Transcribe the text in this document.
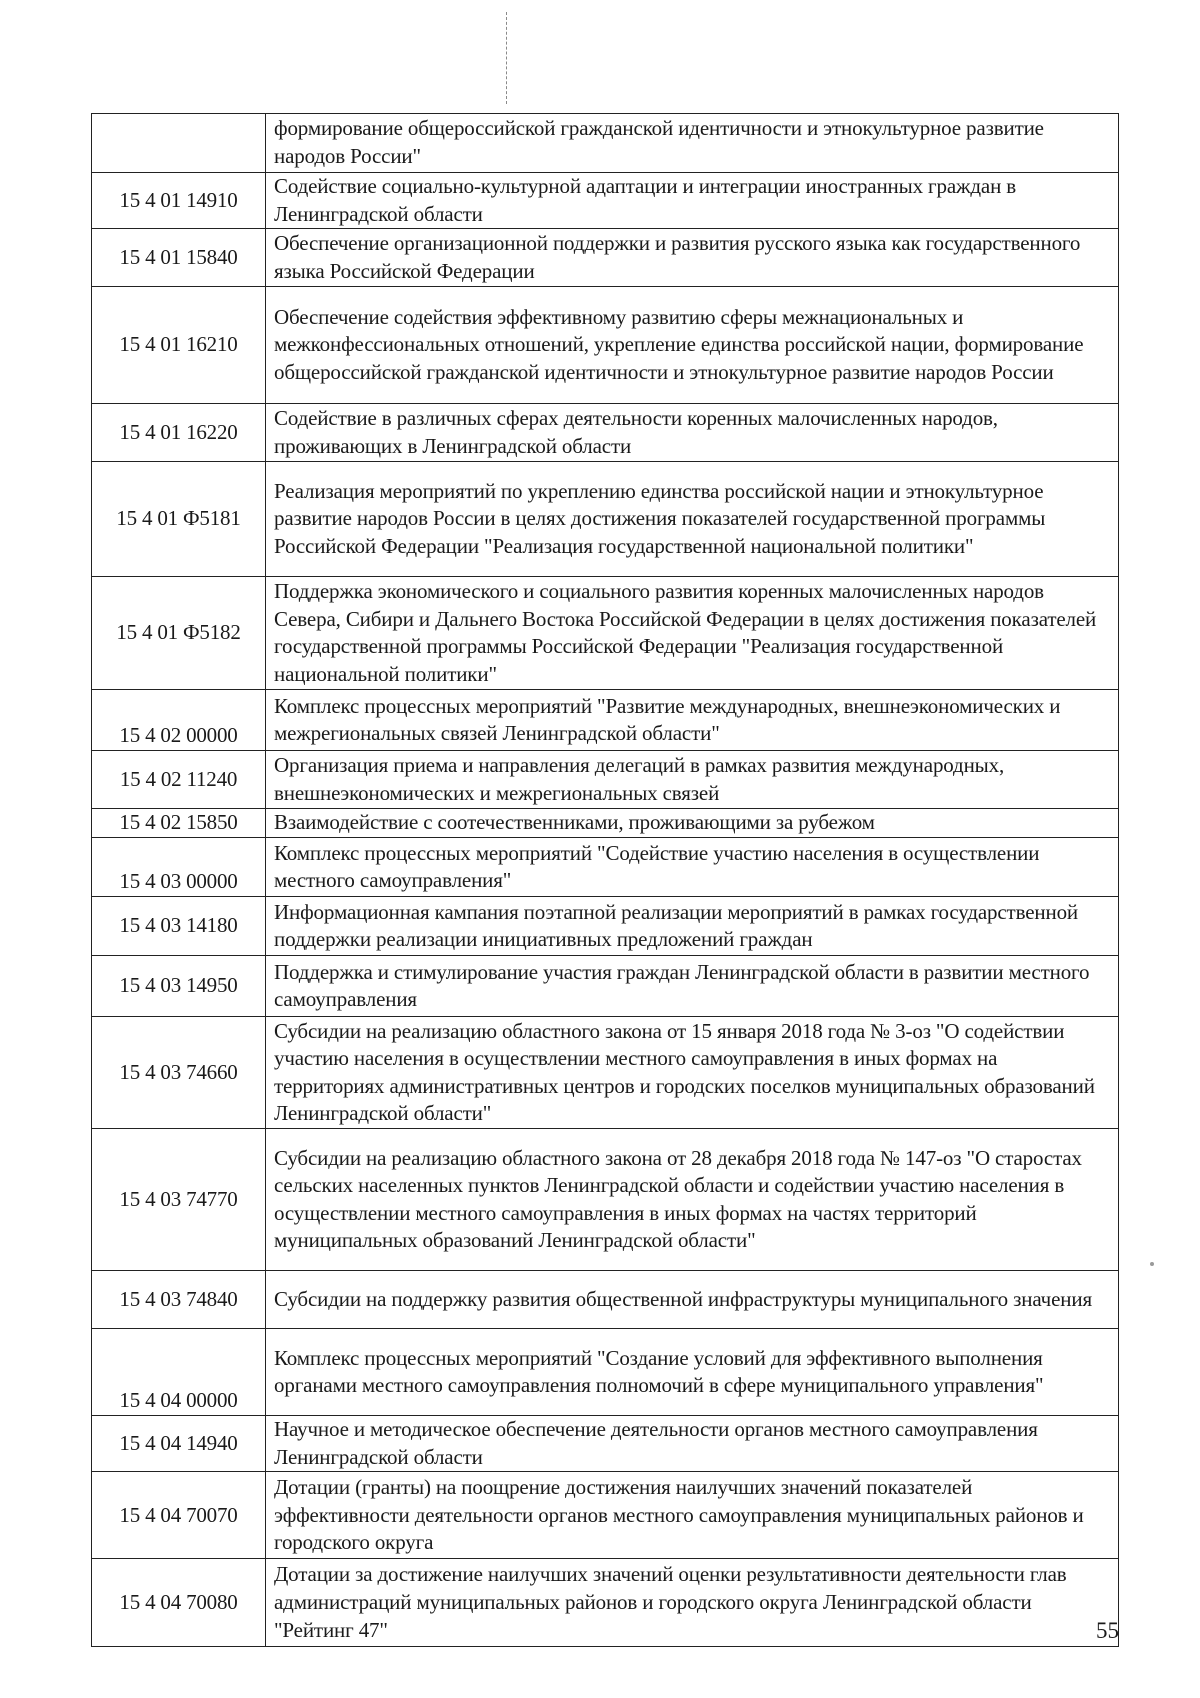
	формирование общероссийской гражданской идентичности и этнокультурное развитие народов России"
15 4 01 14910	Содействие социально-культурной адаптации и интеграции иностранных граждан в Ленинградской области
15 4 01 15840	Обеспечение организационной поддержки и развития русского языка как государственного языка Российской Федерации
15 4 01 16210	Обеспечение содействия эффективному развитию сферы межнациональных и межконфессиональных отношений, укрепление единства российской нации, формирование общероссийской гражданской идентичности и этнокультурное развитие народов России
15 4 01 16220	Содействие в различных сферах деятельности коренных малочисленных народов, проживающих в Ленинградской области
15 4 01 Ф5181	Реализация мероприятий по укреплению единства российской нации и этнокультурное развитие народов России в целях достижения показателей государственной программы Российской Федерации "Реализация государственной национальной политики"
15 4 01 Ф5182	Поддержка экономического и социального развития коренных малочисленных народов Севера, Сибири и Дальнего Востока Российской Федерации в целях достижения показателей государственной программы Российской Федерации "Реализация государственной национальной политики"
15 4 02 00000	Комплекс процессных мероприятий "Развитие международных, внешнеэкономических и межрегиональных связей Ленинградской области"
15 4 02 11240	Организация приема и направления делегаций в рамках развития международных, внешнеэкономических и межрегиональных связей
15 4 02 15850	Взаимодействие с соотечественниками, проживающими за рубежом
15 4 03 00000	Комплекс процессных мероприятий "Содействие участию населения в осуществлении местного самоуправления"
15 4 03 14180	Информационная кампания поэтапной реализации мероприятий в рамках государственной поддержки реализации инициативных предложений граждан
15 4 03 14950	Поддержка и стимулирование участия граждан Ленинградской области в развитии местного самоуправления
15 4 03 74660	Субсидии на реализацию областного закона от 15 января 2018 года № 3-оз "О содействии участию населения в осуществлении местного самоуправления в иных формах на территориях административных центров и городских поселков муниципальных образований Ленинградской области"
15 4 03 74770	Субсидии на реализацию областного закона от 28 декабря 2018 года № 147-оз "О старостах сельских населенных пунктов Ленинградской области и содействии участию населения в осуществлении местного самоуправления в иных формах на частях территорий муниципальных образований Ленинградской области"
15 4 03 74840	Субсидии на поддержку развития общественной инфраструктуры муниципального значения
15 4 04 00000	Комплекс процессных мероприятий "Создание условий для эффективного выполнения органами местного самоуправления полномочий в сфере муниципального управления"
15 4 04 14940	Научное и методическое обеспечение деятельности органов местного самоуправления Ленинградской области
15 4 04 70070	Дотации (гранты) на поощрение достижения наилучших значений показателей эффективности деятельности органов местного самоуправления муниципальных районов и городского округа
15 4 04 70080	Дотации за достижение наилучших значений оценки результативности деятельности глав администраций муниципальных районов и городского округа Ленинградской области "Рейтинг 47"	55
